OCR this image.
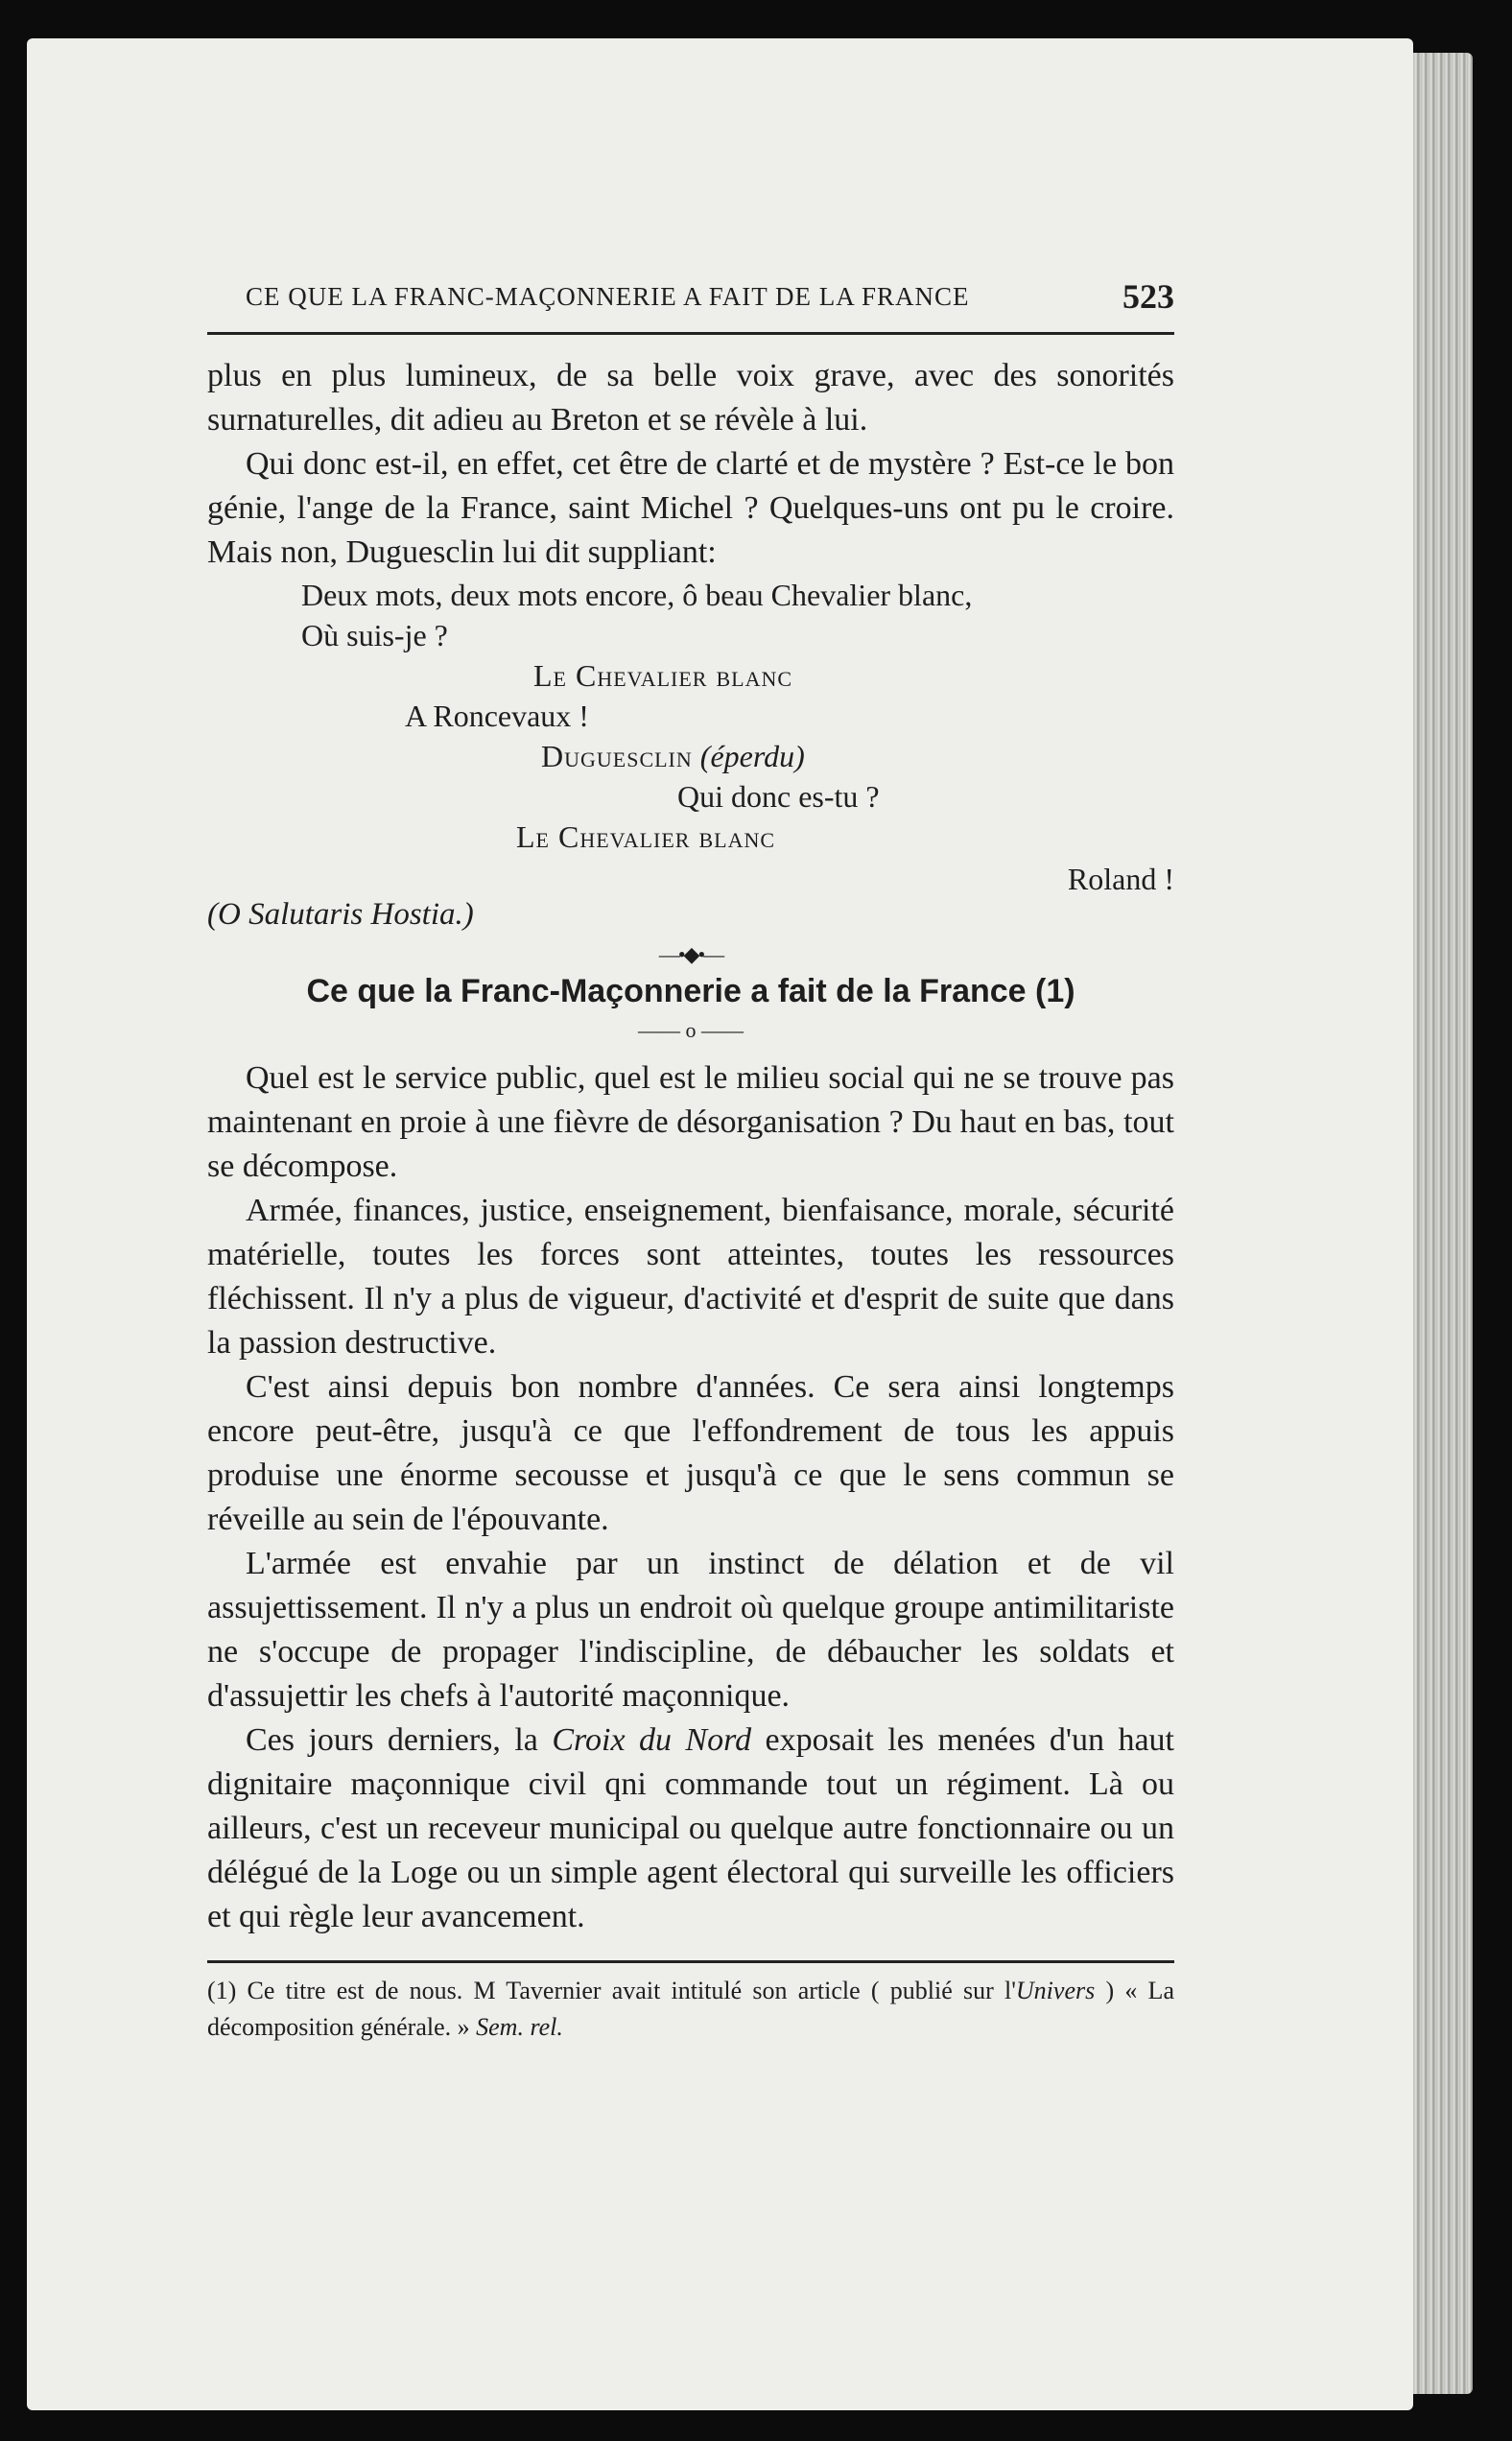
CE QUE LA FRANC-MAÇONNERIE A FAIT DE LA FRANCE	523

plus en plus lumineux, de sa belle voix grave, avec des sonorités surnaturelles, dit adieu au Breton et se révèle à lui.

Qui donc est-il, en effet, cet être de clarté et de mystère ? Est-ce le bon génie, l'ange de la France, saint Michel ? Quelques-uns ont pu le croire. Mais non, Duguesclin lui dit suppliant:

Deux mots, deux mots encore, ô beau Chevalier blanc,
Où suis-je ?
Le Chevalier blanc
A Roncevaux !
Duguesclin (éperdu)
Qui donc es-tu ?
Le Chevalier blanc
Roland !
(O Salutaris Hostia.)
—•◆•—
Ce que la Franc-Maçonnerie a fait de la France (1)
—— o ——

Quel est le service public, quel est le milieu social qui ne se trouve pas maintenant en proie à une fièvre de désorganisation ? Du haut en bas, tout se décompose.

Armée, finances, justice, enseignement, bienfaisance, morale, sécurité matérielle, toutes les forces sont atteintes, toutes les ressources fléchissent. Il n'y a plus de vigueur, d'activité et d'esprit de suite que dans la passion destructive.

C'est ainsi depuis bon nombre d'années. Ce sera ainsi longtemps encore peut-être, jusqu'à ce que l'effondrement de tous les appuis produise une énorme secousse et jusqu'à ce que le sens commun se réveille au sein de l'épouvante.

L'armée est envahie par un instinct de délation et de vil assujettissement. Il n'y a plus un endroit où quelque groupe antimilitariste ne s'occupe de propager l'indiscipline, de débaucher les soldats et d'assujettir les chefs à l'autorité maçonnique.

Ces jours derniers, la Croix du Nord exposait les menées d'un haut dignitaire maçonnique civil qni commande tout un régiment. Là ou ailleurs, c'est un receveur municipal ou quelque autre fonctionnaire ou un délégué de la Loge ou un simple agent électoral qui surveille les officiers et qui règle leur avancement.

(1) Ce titre est de nous. M Tavernier avait intitulé son article ( publié sur l'Univers ) « La décomposition générale. » Sem. rel.
